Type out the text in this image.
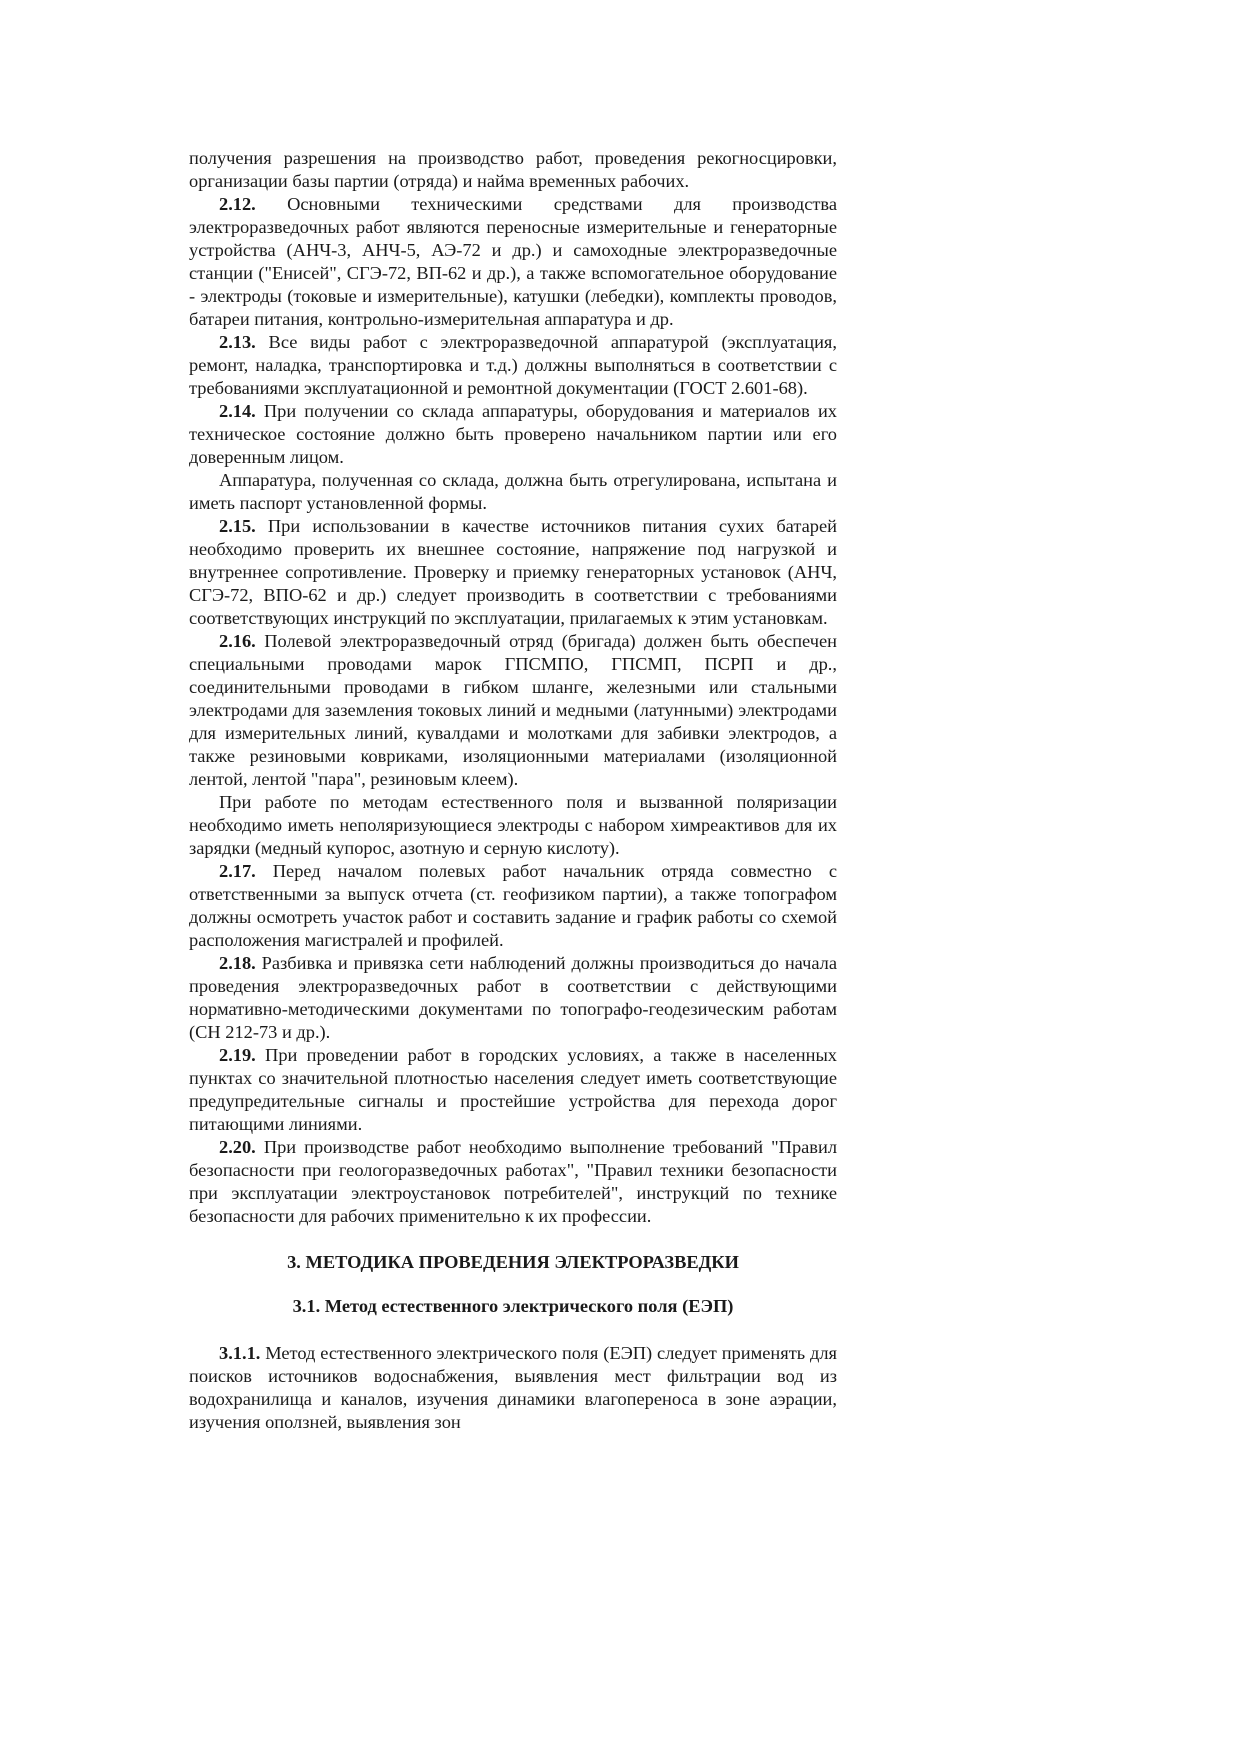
получения разрешения на производство работ, проведения рекогносцировки, организации базы партии (отряда) и найма временных рабочих.

2.12. Основными техническими средствами для производства электроразведочных работ являются переносные измерительные и генераторные устройства (АНЧ-3, АНЧ-5, АЭ-72 и др.) и самоходные электроразведочные станции ("Енисей", СГЭ-72, ВП-62 и др.), а также вспомогательное оборудование - электроды (токовые и измерительные), катушки (лебедки), комплекты проводов, батареи питания, контрольно-измерительная аппаратура и др.

2.13. Все виды работ с электроразведочной аппаратурой (эксплуатация, ремонт, наладка, транспортировка и т.д.) должны выполняться в соответствии с требованиями эксплуатационной и ремонтной документации (ГОСТ 2.601-68).

2.14. При получении со склада аппаратуры, оборудования и материалов их техническое состояние должно быть проверено начальником партии или его доверенным лицом.

Аппаратура, полученная со склада, должна быть отрегулирована, испытана и иметь паспорт установленной формы.

2.15. При использовании в качестве источников питания сухих батарей необходимо проверить их внешнее состояние, напряжение под нагрузкой и внутреннее сопротивление. Проверку и приемку генераторных установок (АНЧ, СГЭ-72, ВПО-62 и др.) следует производить в соответствии с требованиями соответствующих инструкций по эксплуатации, прилагаемых к этим установкам.

2.16. Полевой электроразведочный отряд (бригада) должен быть обеспечен специальными проводами марок ГПСМПО, ГПСМП, ПСРП и др., соединительными проводами в гибком шланге, железными или стальными электродами для заземления токовых линий и медными (латунными) электродами для измерительных линий, кувалдами и молотками для забивки электродов, а также резиновыми ковриками, изоляционными материалами (изоляционной лентой, лентой "пара", резиновым клеем).

При работе по методам естественного поля и вызванной поляризации необходимо иметь неполяризующиеся электроды с набором химреактивов для их зарядки (медный купорос, азотную и серную кислоту).

2.17. Перед началом полевых работ начальник отряда совместно с ответственными за выпуск отчета (ст. геофизиком партии), а также топографом должны осмотреть участок работ и составить задание и график работы со схемой расположения магистралей и профилей.

2.18. Разбивка и привязка сети наблюдений должны производиться до начала проведения электроразведочных работ в соответствии с действующими нормативно-методическими документами по топографо-геодезическим работам (СН 212-73 и др.).

2.19. При проведении работ в городских условиях, а также в населенных пунктах со значительной плотностью населения следует иметь соответствующие предупредительные сигналы и простейшие устройства для перехода дорог питающими линиями.

2.20. При производстве работ необходимо выполнение требований "Правил безопасности при геологоразведочных работах", "Правил техники безопасности при эксплуатации электроустановок потребителей", инструкций по технике безопасности для рабочих применительно к их профессии.

3. МЕТОДИКА ПРОВЕДЕНИЯ ЭЛЕКТРОРАЗВЕДКИ

3.1. Метод естественного электрического поля (ЕЭП)

3.1.1. Метод естественного электрического поля (ЕЭП) следует применять для поисков источников водоснабжения, выявления мест фильтрации вод из водохранилища и каналов, изучения динамики влагопереноса в зоне аэрации, изучения оползней, выявления зон
